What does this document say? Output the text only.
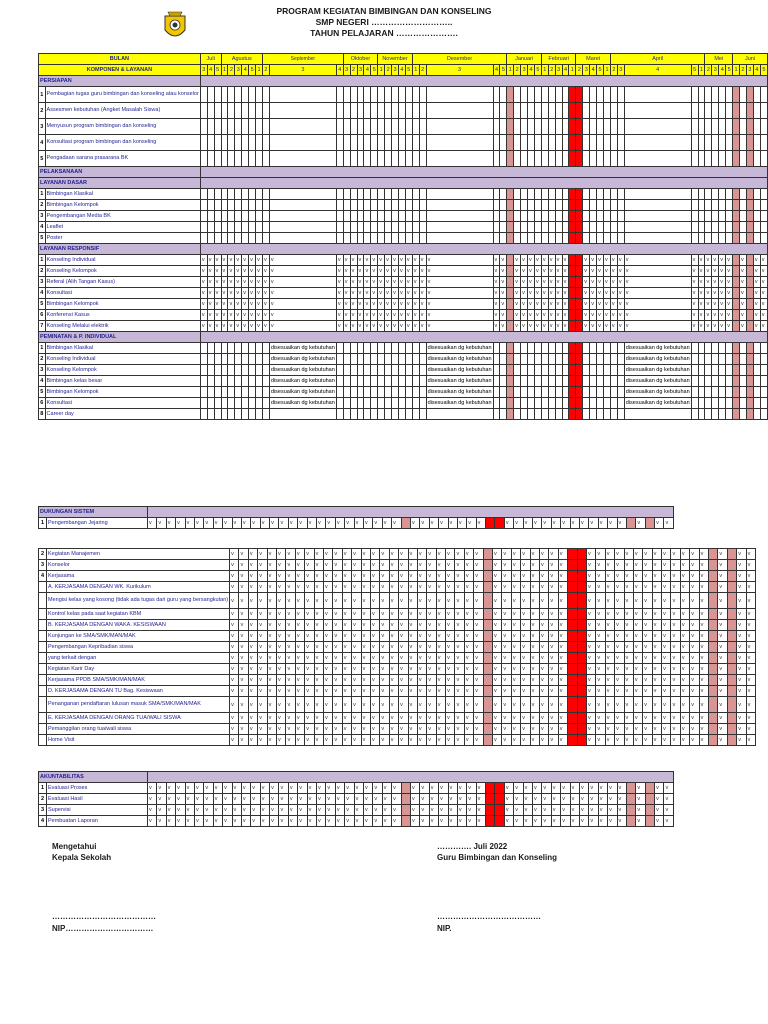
PROGRAM KEGIATAN BIMBINGAN DAN KONSELING
SMP NEGERI ………………………..
TAHUN PELAJARAN ………………….
BULAN		Juli			Agustus						September			Oktober					November					Desember					Januari					Februari					Maret					April					Mei				Juni				
KOMPONEN & LAYANAN		3	4	5	1	2	3	4	5	1	2	3	4	3	2	3	4	5	1	2	3	4	5	1	2	3	4	5	1	2	3	4	5	1	2	3	4	1	2	3	4	5	1	2	3	4	5	1	2	3	4	5	1	2	3	4	5
PERSIAPAN																																																									
1	Pembagian tugas guru bimbingan dan konseling atau konselor																																																								
2	Assesmen kebutuhan (Angket Masalah Siswa)																																																								
3	Menyusun program bimbingan dan konseling																																																								
4	Konsultasi program bimbingan dan konseling																																																								
5	Pengadaan sarana prasarana BK																																																								
PELAKSANAAN																																																									
LAYANAN DASAR																																																									
1	Bimbingan Klasikal																																																								
2	Bimbingan Kelompok																																																								
3	Pengembangan Media BK																																																								
4	Leaflet																																																								
5	Poster																																																								
LAYANAN RESPONSIF																																																									
1	Konseling Individual	v	v	v	v	v	v	v	v	v	v	v	v	v	v	v	v	v	v	v	v	v	v	v	v	v	v	v		v	v	v	v	v	v	v	v			v	v	v	v	v	v	v	v	v	v	v	v	v		v		v	v
2	Konseling Kelompok	v	v	v	v	v	v	v	v	v	v	v	v	v	v	v	v	v	v	v	v	v	v	v	v	v	v	v		v	v	v	v	v	v	v	v			v	v	v	v	v	v	v	v	v	v	v	v	v		v		v	v
3	Referal (Alih Tangan Kasus)	v	v	v	v	v	v	v	v	v	v	v	v	v	v	v	v	v	v	v	v	v	v	v	v	v	v	v		v	v	v	v	v	v	v	v			v	v	v	v	v	v	v	v	v	v	v	v	v		v		v	v
4	Konsultasi	v	v	v	v	v	v	v	v	v	v	v	v	v	v	v	v	v	v	v	v	v	v	v	v	v	v	v		v	v	v	v	v	v	v	v			v	v	v	v	v	v	v	v	v	v	v	v	v		v		v	v
5	Bimbingan Kelompok	v	v	v	v	v	v	v	v	v	v	v	v	v	v	v	v	v	v	v	v	v	v	v	v	v	v	v		v	v	v	v	v	v	v	v			v	v	v	v	v	v	v	v	v	v	v	v	v		v		v	v
6	Konferensi Kasus	v	v	v	v	v	v	v	v	v	v	v	v	v	v	v	v	v	v	v	v	v	v	v	v	v	v	v		v	v	v	v	v	v	v	v			v	v	v	v	v	v	v	v	v	v	v	v	v		v		v	v
7	Konseling Melalui elektrik	v	v	v	v	v	v	v	v	v	v	v	v	v	v	v	v	v	v	v	v	v	v	v	v	v	v	v		v	v	v	v	v	v	v	v			v	v	v	v	v	v	v	v	v	v	v	v	v		v		v	v
PEMINATAN & P. INDIVIDUAL																																																									
1	Bimbingan Klasikal											disesuaikan dg kebutuhan														disesuaikan dg kebutuhan																				disesuaikan dg kebutuhan											
2	Konseling Individual											disesuaikan dg kebutuhan														disesuaikan dg kebutuhan																				disesuaikan dg kebutuhan											
3	Konseling Kelompok											disesuaikan dg kebutuhan														disesuaikan dg kebutuhan																				disesuaikan dg kebutuhan											
4	Bimbingan kelas besar											disesuaikan dg kebutuhan														disesuaikan dg kebutuhan																				disesuaikan dg kebutuhan											
5	Bimbingan Kelompok											disesuaikan dg kebutuhan														disesuaikan dg kebutuhan																				disesuaikan dg kebutuhan											
6	Konsultasi											disesuaikan dg kebutuhan														disesuaikan dg kebutuhan																				disesuaikan dg kebutuhan											
8	Career day																																																								
DUKUNGAN SISTEM																																																									
1	Pengembangan Jejaring	v	v	v	v	v	v	v	v	v	v	v	v	v	v	v	v	v	v	v	v	v	v	v	v	v	v	v		v	v	v	v	v	v	v	v			v	v	v	v	v	v	v	v	v	v	v	v	v		v		v	v
2	Kegiatan Manajemen	v	v	v	v	v	v	v	v	v	v	v	v	v	v	v	v	v	v	v	v	v	v	v	v	v	v	v		v	v	v	v	v	v	v	v			v	v	v	v	v	v	v	v	v	v	v	v	v		v		v	v
3	Konselor	v	v	v	v	v	v	v	v	v	v	v	v	v	v	v	v	v	v	v	v	v	v	v	v	v	v	v		v	v	v	v	v	v	v	v			v	v	v	v	v	v	v	v	v	v	v	v	v		v		v	v
4	Kerjasama	v	v	v	v	v	v	v	v	v	v	v	v	v	v	v	v	v	v	v	v	v	v	v	v	v	v	v		v	v	v	v	v	v	v	v			v	v	v	v	v	v	v	v	v	v	v	v	v		v		v	v
	A. KERJASAMA DENGAN WK. Kurikulum	v	v	v	v	v	v	v	v	v	v	v	v	v	v	v	v	v	v	v	v	v	v	v	v	v	v	v		v	v	v	v	v	v	v	v			v	v	v	v	v	v	v	v	v	v	v	v	v		v		v	v
	Mengisi kelas yang kosong (tidak ada tugas dari guru yang bersangkutan)	v	v	v	v	v	v	v	v	v	v	v	v	v	v	v	v	v	v	v	v	v	v	v	v	v	v	v		v	v	v	v	v	v	v	v			v	v	v	v	v	v	v	v	v	v	v	v	v		v		v	v
	Kontrol kelas pada saat kegiatan KBM	v	v	v	v	v	v	v	v	v	v	v	v	v	v	v	v	v	v	v	v	v	v	v	v	v	v	v		v	v	v	v	v	v	v	v			v	v	v	v	v	v	v	v	v	v	v	v	v		v		v	v
	B. KERJASAMA DENGAN WAKA. KESISWAAN	v	v	v	v	v	v	v	v	v	v	v	v	v	v	v	v	v	v	v	v	v	v	v	v	v	v	v		v	v	v	v	v	v	v	v			v	v	v	v	v	v	v	v	v	v	v	v	v		v		v	v
	Kunjungan ke SMA/SMK/MAN/MAK	v	v	v	v	v	v	v	v	v	v	v	v	v	v	v	v	v	v	v	v	v	v	v	v	v	v	v		v	v	v	v	v	v	v	v			v	v	v	v	v	v	v	v	v	v	v	v	v		v		v	v
	Pengembangan Kepribadian siswa	v	v	v	v	v	v	v	v	v	v	v	v	v	v	v	v	v	v	v	v	v	v	v	v	v	v	v		v	v	v	v	v	v	v	v			v	v	v	v	v	v	v	v	v	v	v	v	v		v		v	v
	yang terkait dengan	v	v	v	v	v	v	v	v	v	v	v	v	v	v	v	v	v	v	v	v	v	v	v	v	v	v	v		v	v	v	v	v	v	v	v			v	v	v	v	v	v	v	v	v	v	v	v	v		v		v	v
	Kegiatan Karir Day	v	v	v	v	v	v	v	v	v	v	v	v	v	v	v	v	v	v	v	v	v	v	v	v	v	v	v		v	v	v	v	v	v	v	v			v	v	v	v	v	v	v	v	v	v	v	v	v		v		v	v
	Kerjasama PPDB SMA/SMK/MAN/MAK	v	v	v	v	v	v	v	v	v	v	v	v	v	v	v	v	v	v	v	v	v	v	v	v	v	v	v		v	v	v	v	v	v	v	v			v	v	v	v	v	v	v	v	v	v	v	v	v		v		v	v
	D. KERJASAMA DENGAN TU Bag. Kesiswaan	v	v	v	v	v	v	v	v	v	v	v	v	v	v	v	v	v	v	v	v	v	v	v	v	v	v	v		v	v	v	v	v	v	v	v			v	v	v	v	v	v	v	v	v	v	v	v	v		v		v	v
	Penanganan pendaftaran lulusan masuk SMA/SMK/MAN/MAK	v	v	v	v	v	v	v	v	v	v	v	v	v	v	v	v	v	v	v	v	v	v	v	v	v	v	v		v	v	v	v	v	v	v	v			v	v	v	v	v	v	v	v	v	v	v	v	v		v		v	v
	E. KERJASAMA DENGAN ORANG TUA/WALI SISWA	v	v	v	v	v	v	v	v	v	v	v	v	v	v	v	v	v	v	v	v	v	v	v	v	v	v	v		v	v	v	v	v	v	v	v			v	v	v	v	v	v	v	v	v	v	v	v	v		v		v	v
	Pemanggilan orang tua/wali siswa	v	v	v	v	v	v	v	v	v	v	v	v	v	v	v	v	v	v	v	v	v	v	v	v	v	v	v		v	v	v	v	v	v	v	v			v	v	v	v	v	v	v	v	v	v	v	v	v		v		v	v
	Home Visit	v	v	v	v	v	v	v	v	v	v	v	v	v	v	v	v	v	v	v	v	v	v	v	v	v	v	v		v	v	v	v	v	v	v	v			v	v	v	v	v	v	v	v	v	v	v	v	v		v		v	v
AKUNTABILITAS																																																									
1	Evaluasi Proses	v	v	v	v	v	v	v	v	v	v	v	v	v	v	v	v	v	v	v	v	v	v	v	v	v	v	v		v	v	v	v	v	v	v	v			v	v	v	v	v	v	v	v	v	v	v	v	v		v		v	v
2	Evaluasi Hasil	v	v	v	v	v	v	v	v	v	v	v	v	v	v	v	v	v	v	v	v	v	v	v	v	v	v	v		v	v	v	v	v	v	v	v			v	v	v	v	v	v	v	v	v	v	v	v	v		v		v	v
3	Supervisi	v	v	v	v	v	v	v	v	v	v	v	v	v	v	v	v	v	v	v	v	v	v	v	v	v	v	v		v	v	v	v	v	v	v	v			v	v	v	v	v	v	v	v	v	v	v	v	v		v		v	v
4	Pembuatan Laporan	v	v	v	v	v	v	v	v	v	v	v	v	v	v	v	v	v	v	v	v	v	v	v	v	v	v	v		v	v	v	v	v	v	v	v			v	v	v	v	v	v	v	v	v	v	v	v	v		v		v	v
Mengetahui
Kepala Sekolah
…………………………………
NIP……………………………
…………. Juli 2022
Guru Bimbingan dan Konseling
…………………………………
NIP.
